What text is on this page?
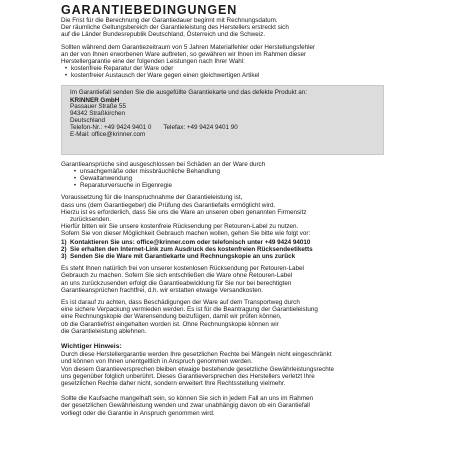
GARANTIEBEDINGUNGEN

Die Frist für die Berechnung der Garantiedauer beginnt mit Rechnungsdatum.

Der räumliche Geltungsbereich der Garantieleistung des Herstellers erstreckt sich

auf die Länder Bundesrepublik Deutschland, Österreich und die Schweiz.

Sollten während dem Garantiezeitraum von 5 Jahren Materialfehler oder Herstellungsfehler

an der von Ihnen erworbenen Ware auftreten, so gewähren wir Ihnen im Rahmen dieser

Herstellergarantie eine der folgenden Leistungen nach Ihrer Wahl:

• kostenfreie Reparatur der Ware oder
• kostenfreier Austausch der Ware gegen einen gleichwertigen Artikel

Im Garantiefall senden Sie die ausgefüllte Garantiekarte und das defekte Produkt an:

KRINNER GmbH

Passauer Straße 55

94342 Straßkirchen

Deutschland

Telefon-Nr.: +49 9424 9401 0 Telefax: +49 9424 9401 90

E-Mail: office@krinner.com

Garantieansprüche sind ausgeschlossen bei Schäden an der Ware durch

• unsachgemäße oder missbräuchliche Behandlung
• Gewaltanwendung
• Reparaturversuche in Eigenregie

Voraussetzung für die Inanspruchnahme der Garantieleistung ist,

dass uns (dem Garantiegeber) die Prüfung des Garantiefalls ermöglicht wird.

Hierzu ist es erforderlich, dass Sie uns die Ware an unseren oben genannten Firmensitz

zurücksenden.

Hierfür bitten wir Sie unsere kostenfreie Rücksendung per Retouren-Label zu nutzen.

Sofern Sie von dieser Möglichkeit Gebrauch machen wollen, gehen Sie bitte wie folgt vor:

1) Kontaktieren Sie uns: office@krinner.com oder telefonisch unter +49 9424 94010
2) Sie erhalten den Internet-Link zum Ausdruck des kostenfreien Rücksendeetiketts
3) Senden Sie die Ware mit Garantiekarte und Rechnungskopie an uns zurück

Es steht Ihnen natürlich frei von unserer kostenlosen Rücksendung per Retouren-Label

Gebrauch zu machen. Sofern Sie sich entschließen die Ware ohne Retouren-Label

an uns zurückzusenden erfolgt die Garantieabwicklung für Sie nur bei berechtigten

Garantieansprüchen frachtfrei, d.h. wir erstatten etwaige Versandkosten.

Es ist darauf zu achten, dass Beschädigungen der Ware auf dem Transportweg durch

eine sichere Verpackung vermieden werden. Es ist für die Beantragung der Garantieleistung

eine Rechnungskopie der Warensendung beizufügen, damit wir prüfen können,

ob die Garantiefrist eingehalten worden ist. Ohne Rechnungskopie können wir

die Garantieleistung ablehnen.

Wichtiger Hinweis:

Durch diese Herstellergarantie werden Ihre gesetzlichen Rechte bei Mängeln nicht eingeschränkt

und können von Ihnen unentgeltlich in Anspruch genommen werden.

Von diesem Garantieversprechen bleiben etwaige bestehende gesetzliche Gewährleistungsrechte

uns gegenüber folglich unberührt. Dieses Garantieversprechen des Herstellers verletzt Ihre

gesetzlichen Rechte daher nicht, sondern erweitert Ihre Rechtsstellung vielmehr.

Sollte die Kaufsache mangelhaft sein, so können Sie sich in jedem Fall an uns im Rahmen

der gesetzlichen Gewährleistung wenden und zwar unabhängig davon ob ein Garantiefall

vorliegt oder die Garantie in Anspruch genommen wird.
